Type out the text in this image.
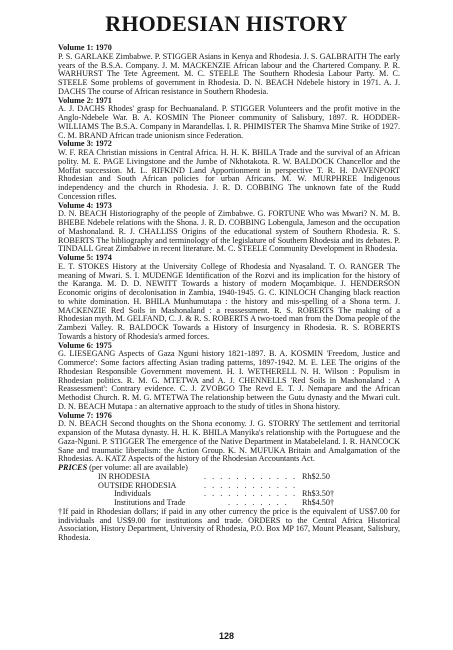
RHODESIAN HISTORY
Volume 1: 1970
P. S. GARLAKE Zimbabwe. P. STIGGER Asians in Kenya and Rhodesia. J. S. GALBRAITH The early years of the B.S.A. Company. J. M. MACKENZIE African labour and the Chartered Company. P. R. WARHURST The Tete Agreement. M. C. STEELE The Southern Rhodesia Labour Party. M. C. STEELE Some problems of government in Rhodesia. D. N. BEACH Ndebele history in 1971. A. J. DACHS The course of African resistance in Southern Rhodesia.
Volume 2: 1971
A. J. DACHS Rhodes' grasp for Bechuanaland. P. STIGGER Volunteers and the profit motive in the Anglo-Ndebele War. B. A. KOSMIN The Pioneer community of Salisbury, 1897. R. HODDER-WILLIAMS The B.S.A. Company in Marandellas. I. R. PHIMISTER The Shamva Mine Strike of 1927. C. M. BRAND African trade unionism since Federation.
Volume 3: 1972
W. F. REA Christian missions in Central Africa. H. H. K. BHILA Trade and the survival of an African polity. M. E. PAGE Livingstone and the Jumbe of Nkhotakota. R. W. BALDOCK Chancellor and the Moffat succession. M. L. RIFKIND Land Apportionment in perspective T. R. H. DAVENPORT Rhodesian and South African policies for urban Africans. M. W. MURPHREE Indigenous independency and the church in Rhodesia. J. R. D. COBBING The unknown fate of the Rudd Concession rifles.
Volume 4: 1973
D. N. BEACH Historiography of the people of Zimbabwe. G. FORTUNE Who was Mwari? N. M. B. BHEBE Ndebele relations with the Shona. J. R. D. COBBING Lobengula, Jameson and the occupation of Mashonaland. R. J. CHALLISS Origins of the educational system of Southern Rhodesia. R. S. ROBERTS The bibliography and terminology of the legislature of Southern Rhodesia and its debates. P. TINDALL Great Zimbabwe in recent literature. M. C. STEELE Community Development in Rhodesia.
Volume 5: 1974
E. T. STOKES History at the University College of Rhodesia and Nyasaland. T. O. RANGER The meaning of Mwari. S. I. MUDENGE Identification of the Rozvi and its implication for the history of the Karanga. M. D. D. NEWITT Towards a history of modern Moçambique. J. HENDERSON Economic origins of decolonisation in Zambia, 1940-1945. G. C. KINLOCH Changing black reaction to white domination. H. BHILA Munhumutapa : the history and mis-spelling of a Shona term. J. MACKENZIE Red Soils in Mashonaland : a reassessment. R. S. ROBERTS The making of a Rhodesian myth. M. GELFAND, C. J. & R. S. ROBERTS A two-toed man from the Doma people of the Zambezi Valley. R. BALDOCK Towards a History of Insurgency in Rhodesia. R. S. ROBERTS Towards a history of Rhodesia's armed forces.
Volume 6: 1975
G. LIESEGANG Aspects of Gaza Nguni history 1821-1897. B. A. KOSMIN 'Freedom, Justice and Commerce': Some factors affecting Asian trading patterns, 1897-1942. M. E. LEE The origins of the Rhodesian Responsible Government movement. H. I. WETHERELL N. H. Wilson : Populism in Rhodesian politics. R. M. G. MTETWA and A. J. CHENNELLS 'Red Soils in Mashonaland : A Reassessment': Contrary evidence. C. J. ZVOBGO The Revd E. T. J. Nemapare and the African Methodist Church. R. M. G. MTETWA The relationship between the Gutu dynasty and the Mwari cult. D. N. BEACH Mutapa : an alternative approach to the study of titles in Shona history.
Volume 7: 1976
D. N. BEACH Second thoughts on the Shona economy. J. G. STORRY The settlement and territorial expansion of the Mutasa dynasty. H. H. K. BHILA Manyika's relationship with the Portuguese and the Gaza-Nguni. P. STIGGER The emergence of the Native Department in Matabeleland. I. R. HANCOCK Sane and traumatic liberalism: the Action Group. K. N. MUFUKA Britain and Amalgamation of the Rhodesias. A. KATZ Aspects of the history of the Rhodesian Accountants Act.
PRICES (per volume: all are available)
IN RHODESIA	. . . . . . . . . . . . Rh$2.50
OUTSIDE RHODESIA	. . . . . . . . . . . .
Individuals	. . . . . . . . . . . . Rh$3.50†
Institutions and Trade	. . . . . . . . Rh$4.50†
†If paid in Rhodesian dollars; if paid in any other currency the price is the equivalent of US$7.00 for individuals and US$9.00 for institutions and trade. ORDERS to the Central Africa Historical Association, History Department, University of Rhodesia, P.O. Box MP 167, Mount Pleasant, Salisbury, Rhodesia.
128
